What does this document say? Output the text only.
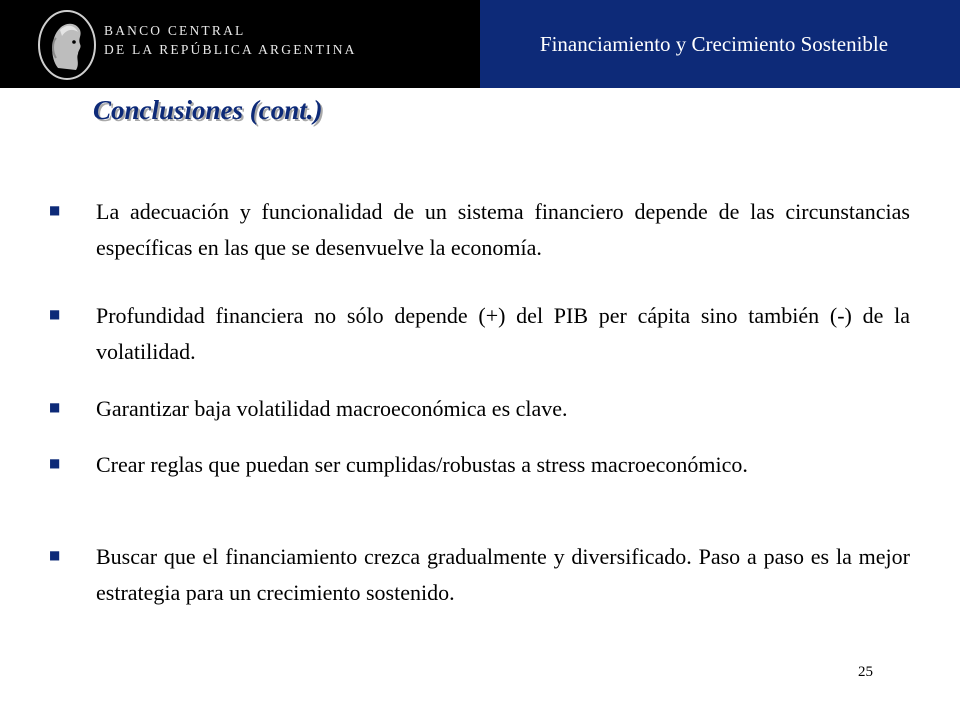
BANCO CENTRAL
DE LA REPÚBLICA ARGENTINA	Financiamiento y Crecimiento Sostenible
Conclusiones (cont.)
■ La adecuación y funcionalidad de un sistema financiero depende de las circunstancias específicas en las que se desenvuelve la economía.

■ Profundidad financiera no sólo depende (+) del PIB per cápita sino también (-) de la volatilidad.

■ Garantizar baja volatilidad macroeconómica es clave.

■ Crear reglas que puedan ser cumplidas/robustas a stress macroeconómico.

■ Buscar que el financiamiento crezca gradualmente y diversificado. Paso a paso es la mejor estrategia para un crecimiento sostenido.

25
